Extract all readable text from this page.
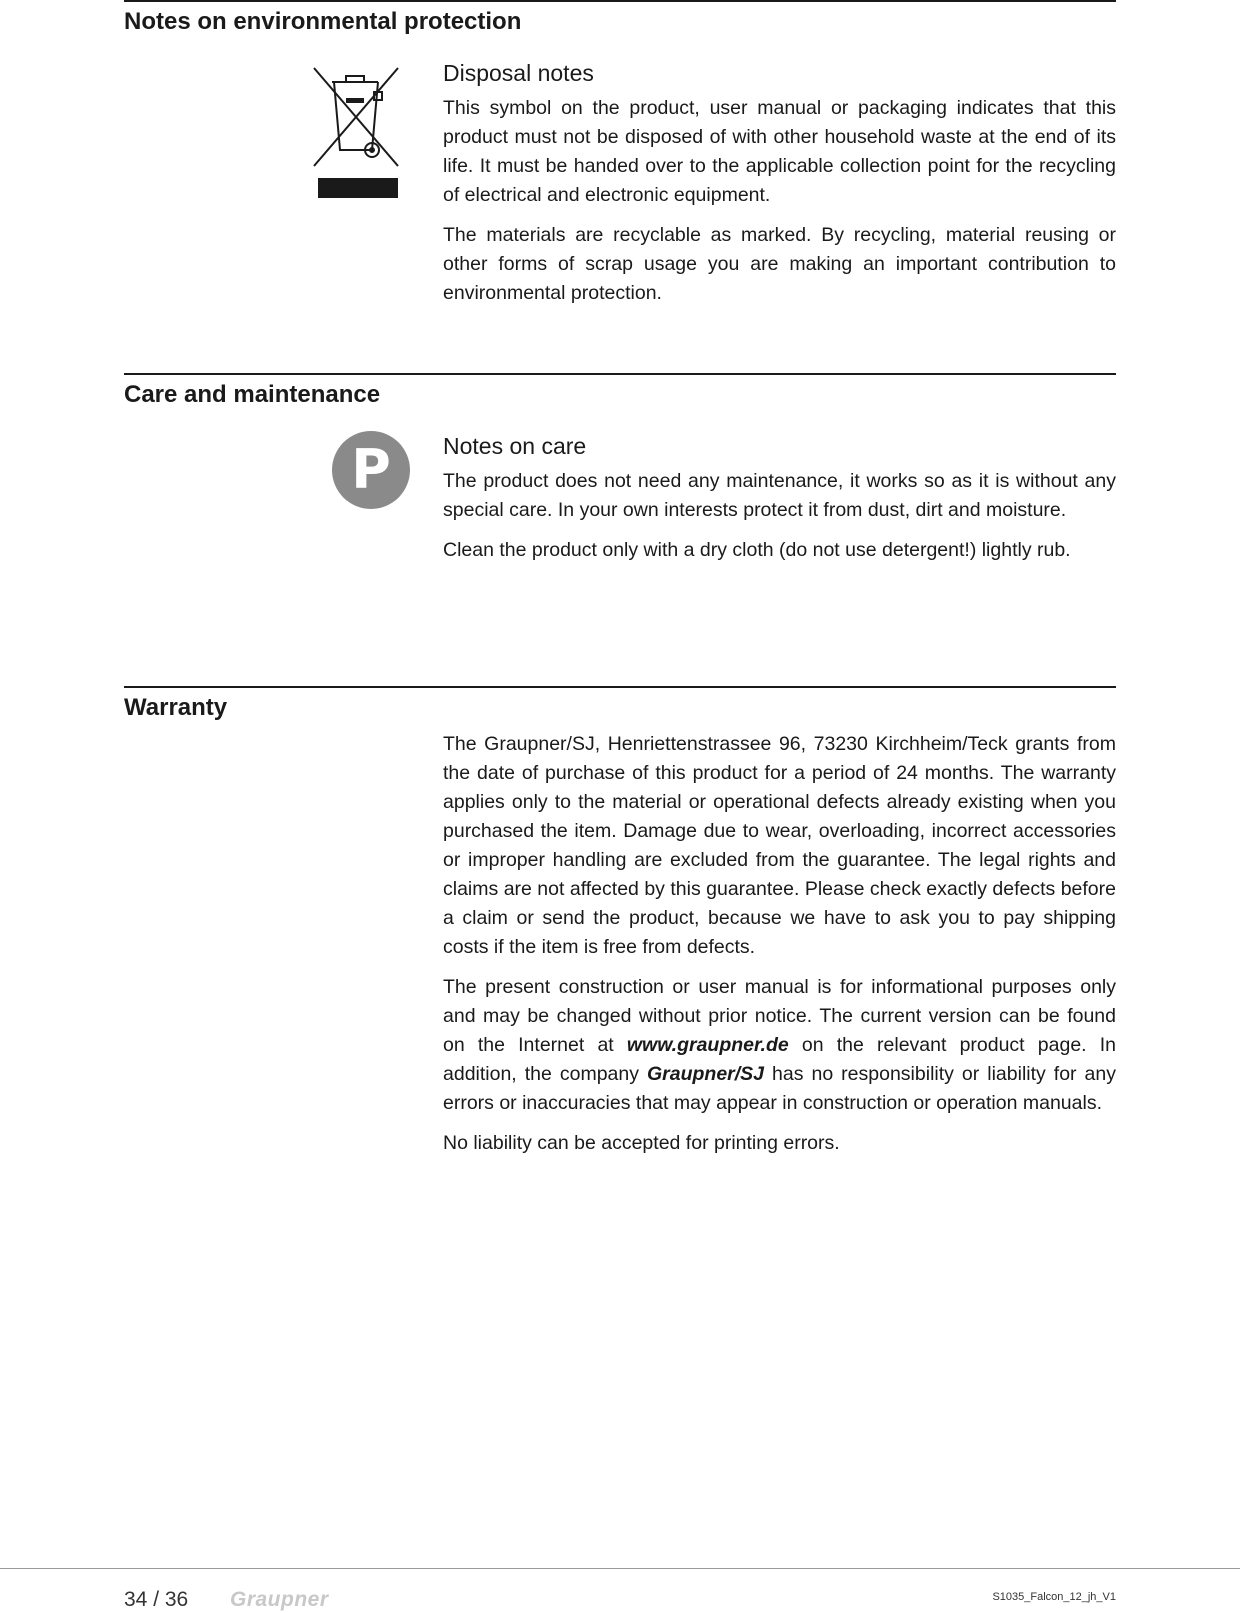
Notes on environmental protection
Disposal notes

This symbol on the product, user manual or packaging indicates that this product must not be disposed of with other household waste at the end of its life. It must be handed over to the applicable collection point for the recycling of electrical and electronic equipment.

The materials are recyclable as marked. By recycling, material reusing or other forms of scrap usage you are making an important contribution to environmental protection.

Care and maintenance
P	Notes on care

The product does not need any maintenance, it works so as it is without any special care. In your own interests protect it from dust, dirt and moisture.

Clean the product only with a dry cloth (do not use detergent!) lightly rub.

Warranty

The Graupner/SJ, Henriettenstrassee 96, 73230 Kirchheim/Teck grants from the date of purchase of this product for a period of 24 months. The warranty applies only to the material or operational defects already existing when you purchased the item. Damage due to wear, overloading, incorrect accessories or improper handling are excluded from the guarantee. The legal rights and claims are not affected by this guarantee. Please check exactly defects before a claim or send the product, because we have to ask you to pay shipping costs if the item is free from defects.

The present construction or user manual is for informational purposes only and may be changed without prior notice. The current version can be found on the Internet at www.graupner.de on the relevant product page. In addition, the company Graupner/SJ has no responsibility or liability for any errors or inaccuracies that may appear in construction or operation manuals.

No liability can be accepted for printing errors.

34 / 36 Graupner	S1035_Falcon_12_jh_V1
